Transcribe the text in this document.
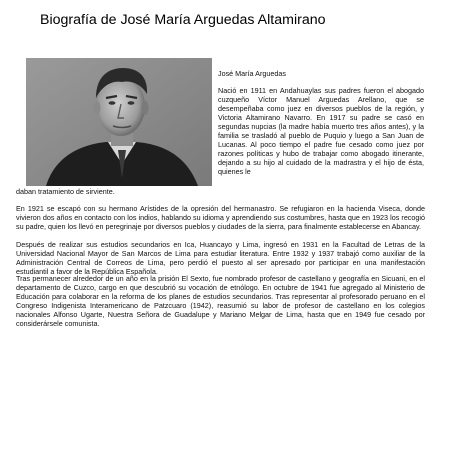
Biografía de José María Arguedas Altamirano
José María Arguedas

Nació en 1911 en Andahuaylas sus padres fueron el abogado cuzqueño Víctor Manuel Arguedas Arellano, que se desempeñaba como juez en diversos pueblos de la región, y Victoria Altamirano Navarro. En 1917 su padre se casó en segundas nupcias (la madre había muerto tres años antes), y la familia se trasladó al pueblo de Puquio y luego a San Juan de Lucanas. Al poco tiempo el padre fue cesado como juez por razones políticas y hubo de trabajar como abogado itinerante, dejando a su hijo al cuidado de la madrastra y el hijo de ésta, quienes le

daban tratamiento de sirviente.

En 1921 se escapó con su hermano Arístides de la opresión del hermanastro. Se refugiaron en la hacienda Viseca, donde vivieron dos años en contacto con los indios, hablando su idioma y aprendiendo sus costumbres, hasta que en 1923 los recogió su padre, quien los llevó en peregrinaje por diversos pueblos y ciudades de la sierra, para finalmente establecerse en Abancay.

Después de realizar sus estudios secundarios en Ica, Huancayo y Lima, ingresó en 1931 en la Facultad de Letras de la Universidad Nacional Mayor de San Marcos de Lima para estudiar literatura. Entre 1932 y 1937 trabajó como auxiliar de la Administración Central de Correos de Lima, pero perdió el puesto al ser apresado por participar en una manifestación estudiantil a favor de la República Española.

Tras permanecer alrededor de un año en la prisión El Sexto, fue nombrado profesor de castellano y geografía en Sicuani, en el departamento de Cuzco, cargo en que descubrió su vocación de etnólogo. En octubre de 1941 fue agregado al Ministerio de Educación para colaborar en la reforma de los planes de estudios secundarios. Tras representar al profesorado peruano en el Congreso Indigenista Interamericano de Patzcuaro (1942), reasumió su labor de profesor de castellano en los colegios nacionales Alfonso Ugarte, Nuestra Señora de Guadalupe y Mariano Melgar de Lima, hasta que en 1949 fue cesado por considerársele comunista.
